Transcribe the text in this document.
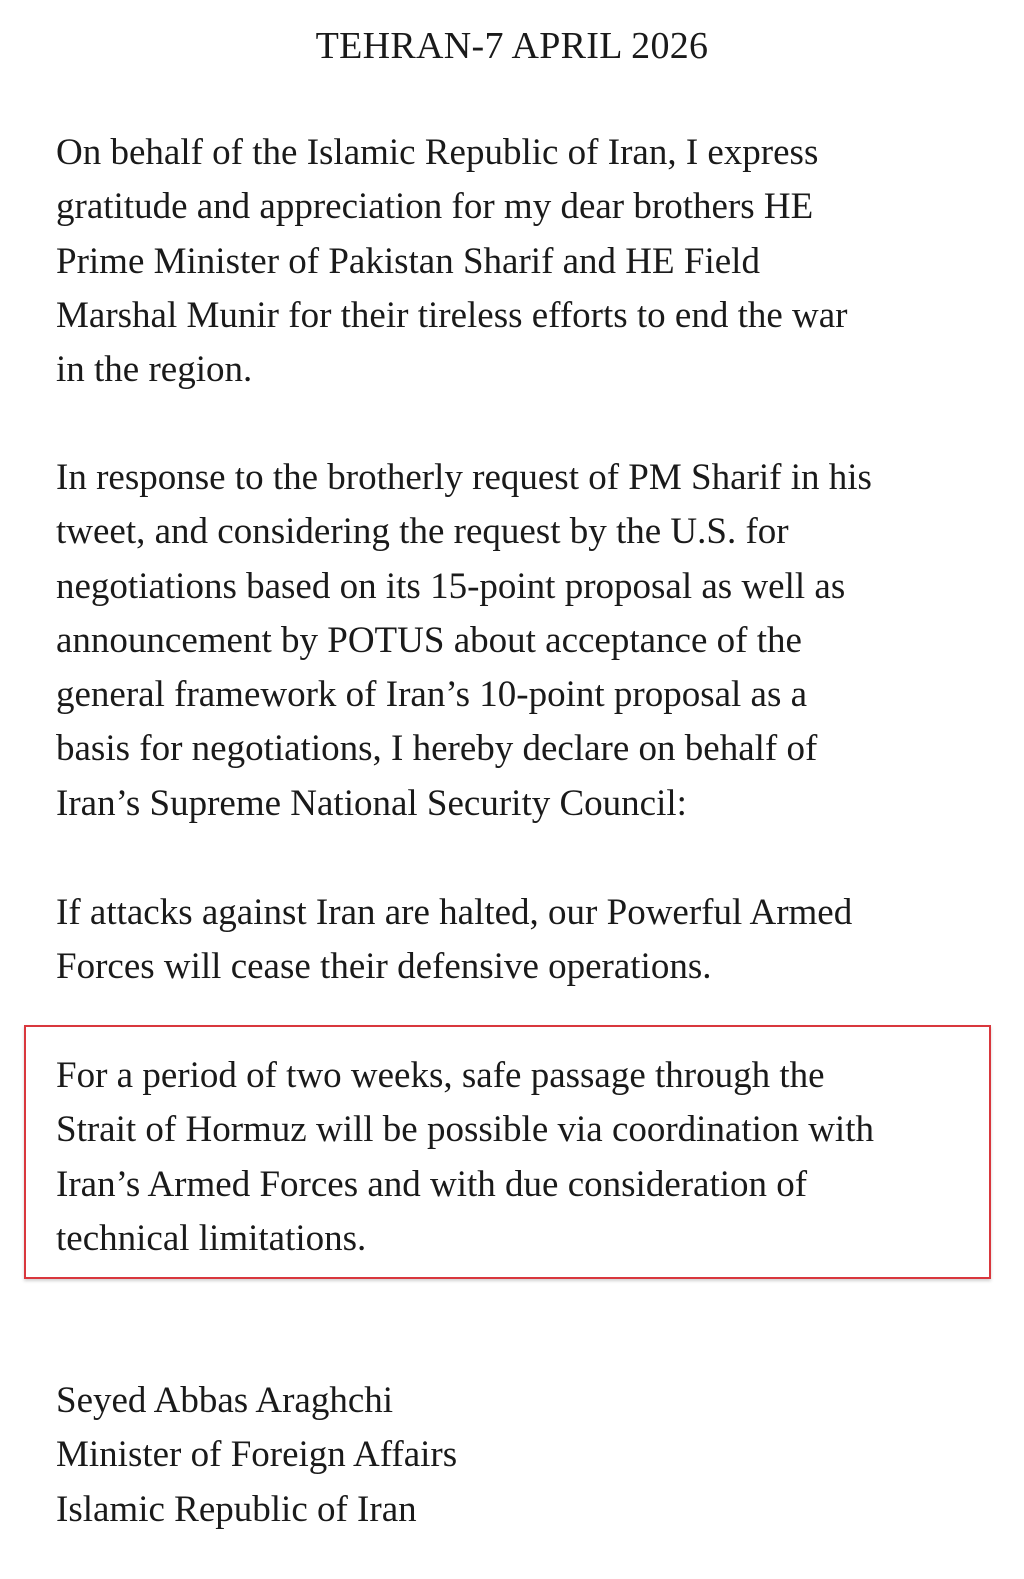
TEHRAN-7 APRIL 2026

On behalf of the Islamic Republic of Iran, I express
gratitude and appreciation for my dear brothers HE
Prime Minister of Pakistan Sharif and HE Field
Marshal Munir for their tireless efforts to end the war
in the region.

In response to the brotherly request of PM Sharif in his
tweet, and considering the request by the U.S. for
negotiations based on its 15-point proposal as well as
announcement by POTUS about acceptance of the
general framework of Iran’s 10-point proposal as a
basis for negotiations, I hereby declare on behalf of
Iran’s Supreme National Security Council:

If attacks against Iran are halted, our Powerful Armed
Forces will cease their defensive operations.

For a period of two weeks, safe passage through the
Strait of Hormuz will be possible via coordination with
Iran’s Armed Forces and with due consideration of
technical limitations.

Seyed Abbas Araghchi
Minister of Foreign Affairs
Islamic Republic of Iran
